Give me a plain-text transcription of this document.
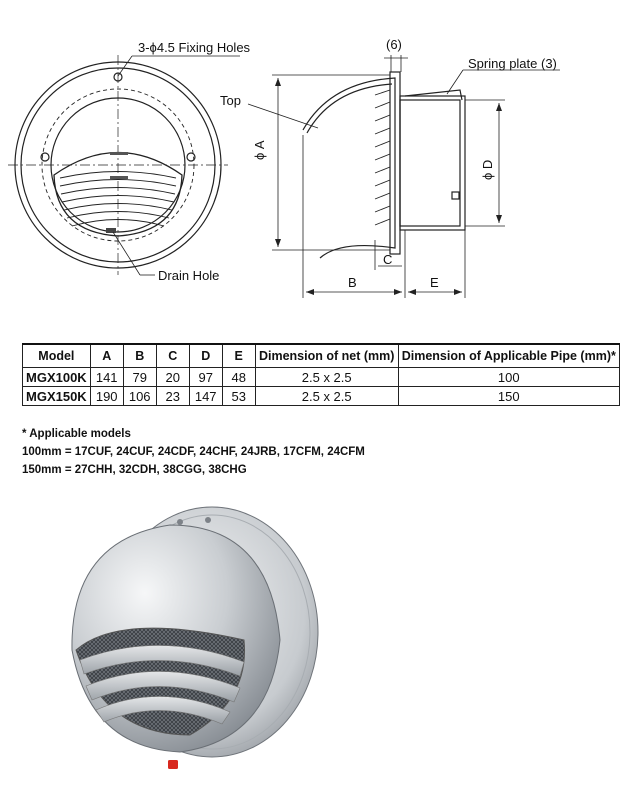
3-ϕ4.5 Fixing Holes
Drain Hole
Top
(6)
Spring plate (3)
ϕ A
ϕ D
B
C
E
Model	A	B	C	D	E	Dimension of net (mm)	Dimension of Applicable Pipe (mm)*
MGX100K	141	79	20	97	48	2.5 x 2.5	100
MGX150K	190	106	23	147	53	2.5 x 2.5	150
* Applicable models
100mm = 17CUF, 24CUF, 24CDF, 24CHF, 24JRB, 17CFM, 24CFM
150mm = 27CHH, 32CDH, 38CGG, 38CHG
